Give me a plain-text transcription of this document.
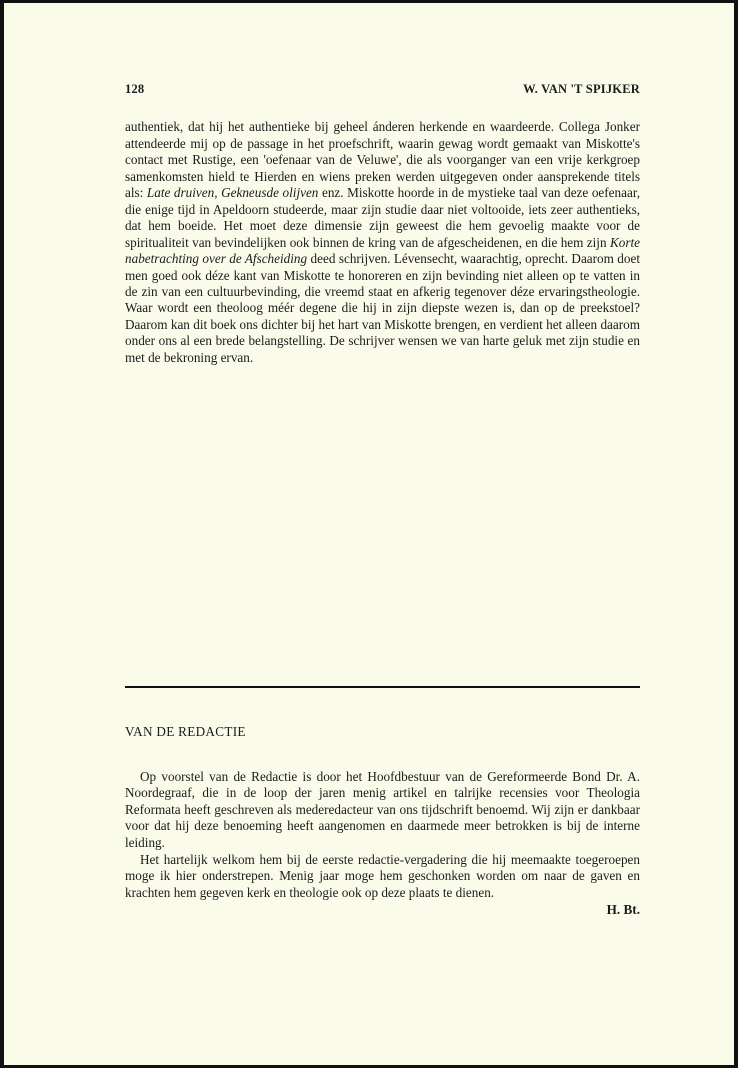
128	W. VAN 'T SPIJKER

authentiek, dat hij het authentieke bij geheel ánderen herkende en waardeerde. Collega Jonker attendeerde mij op de passage in het proefschrift, waarin gewag wordt gemaakt van Miskotte's contact met Rustige, een 'oefenaar van de Veluwe', die als voorganger van een vrije kerkgroep samenkomsten hield te Hierden en wiens preken werden uitgegeven onder aansprekende titels als: Late druiven, Gekneusde olijven enz. Miskotte hoorde in de mystieke taal van deze oefenaar, die enige tijd in Apeldoorn studeerde, maar zijn studie daar niet voltooide, iets zeer authentieks, dat hem boeide. Het moet deze dimensie zijn geweest die hem gevoelig maakte voor de spiritualiteit van bevindelijken ook binnen de kring van de afgescheidenen, en die hem zijn Korte nabetrachting over de Afscheiding deed schrijven. Lévensecht, waarachtig, oprecht. Daarom doet men goed ook déze kant van Miskotte te honoreren en zijn bevinding niet alleen op te vatten in de zin van een cultuurbevinding, die vreemd staat en afkerig tegenover déze ervaringstheologie. Waar wordt een theoloog méér degene die hij in zijn diepste wezen is, dan op de preekstoel? Daarom kan dit boek ons dichter bij het hart van Miskotte brengen, en verdient het alleen daarom onder ons al een brede belangstelling. De schrijver wensen we van harte geluk met zijn studie en met de bekroning ervan.

VAN DE REDACTIE

Op voorstel van de Redactie is door het Hoofdbestuur van de Gereformeerde Bond Dr. A. Noordegraaf, die in de loop der jaren menig artikel en talrijke recensies voor Theologia Reformata heeft geschreven als mederedacteur van ons tijdschrift benoemd. Wij zijn er dankbaar voor dat hij deze benoeming heeft aangenomen en daarmede meer betrokken is bij de interne leiding.

Het hartelijk welkom hem bij de eerste redactie-vergadering die hij meemaakte toegeroepen moge ik hier onderstrepen. Menig jaar moge hem geschonken worden om naar de gaven en krachten hem gegeven kerk en theologie ook op deze plaats te dienen.

H. Bt.
